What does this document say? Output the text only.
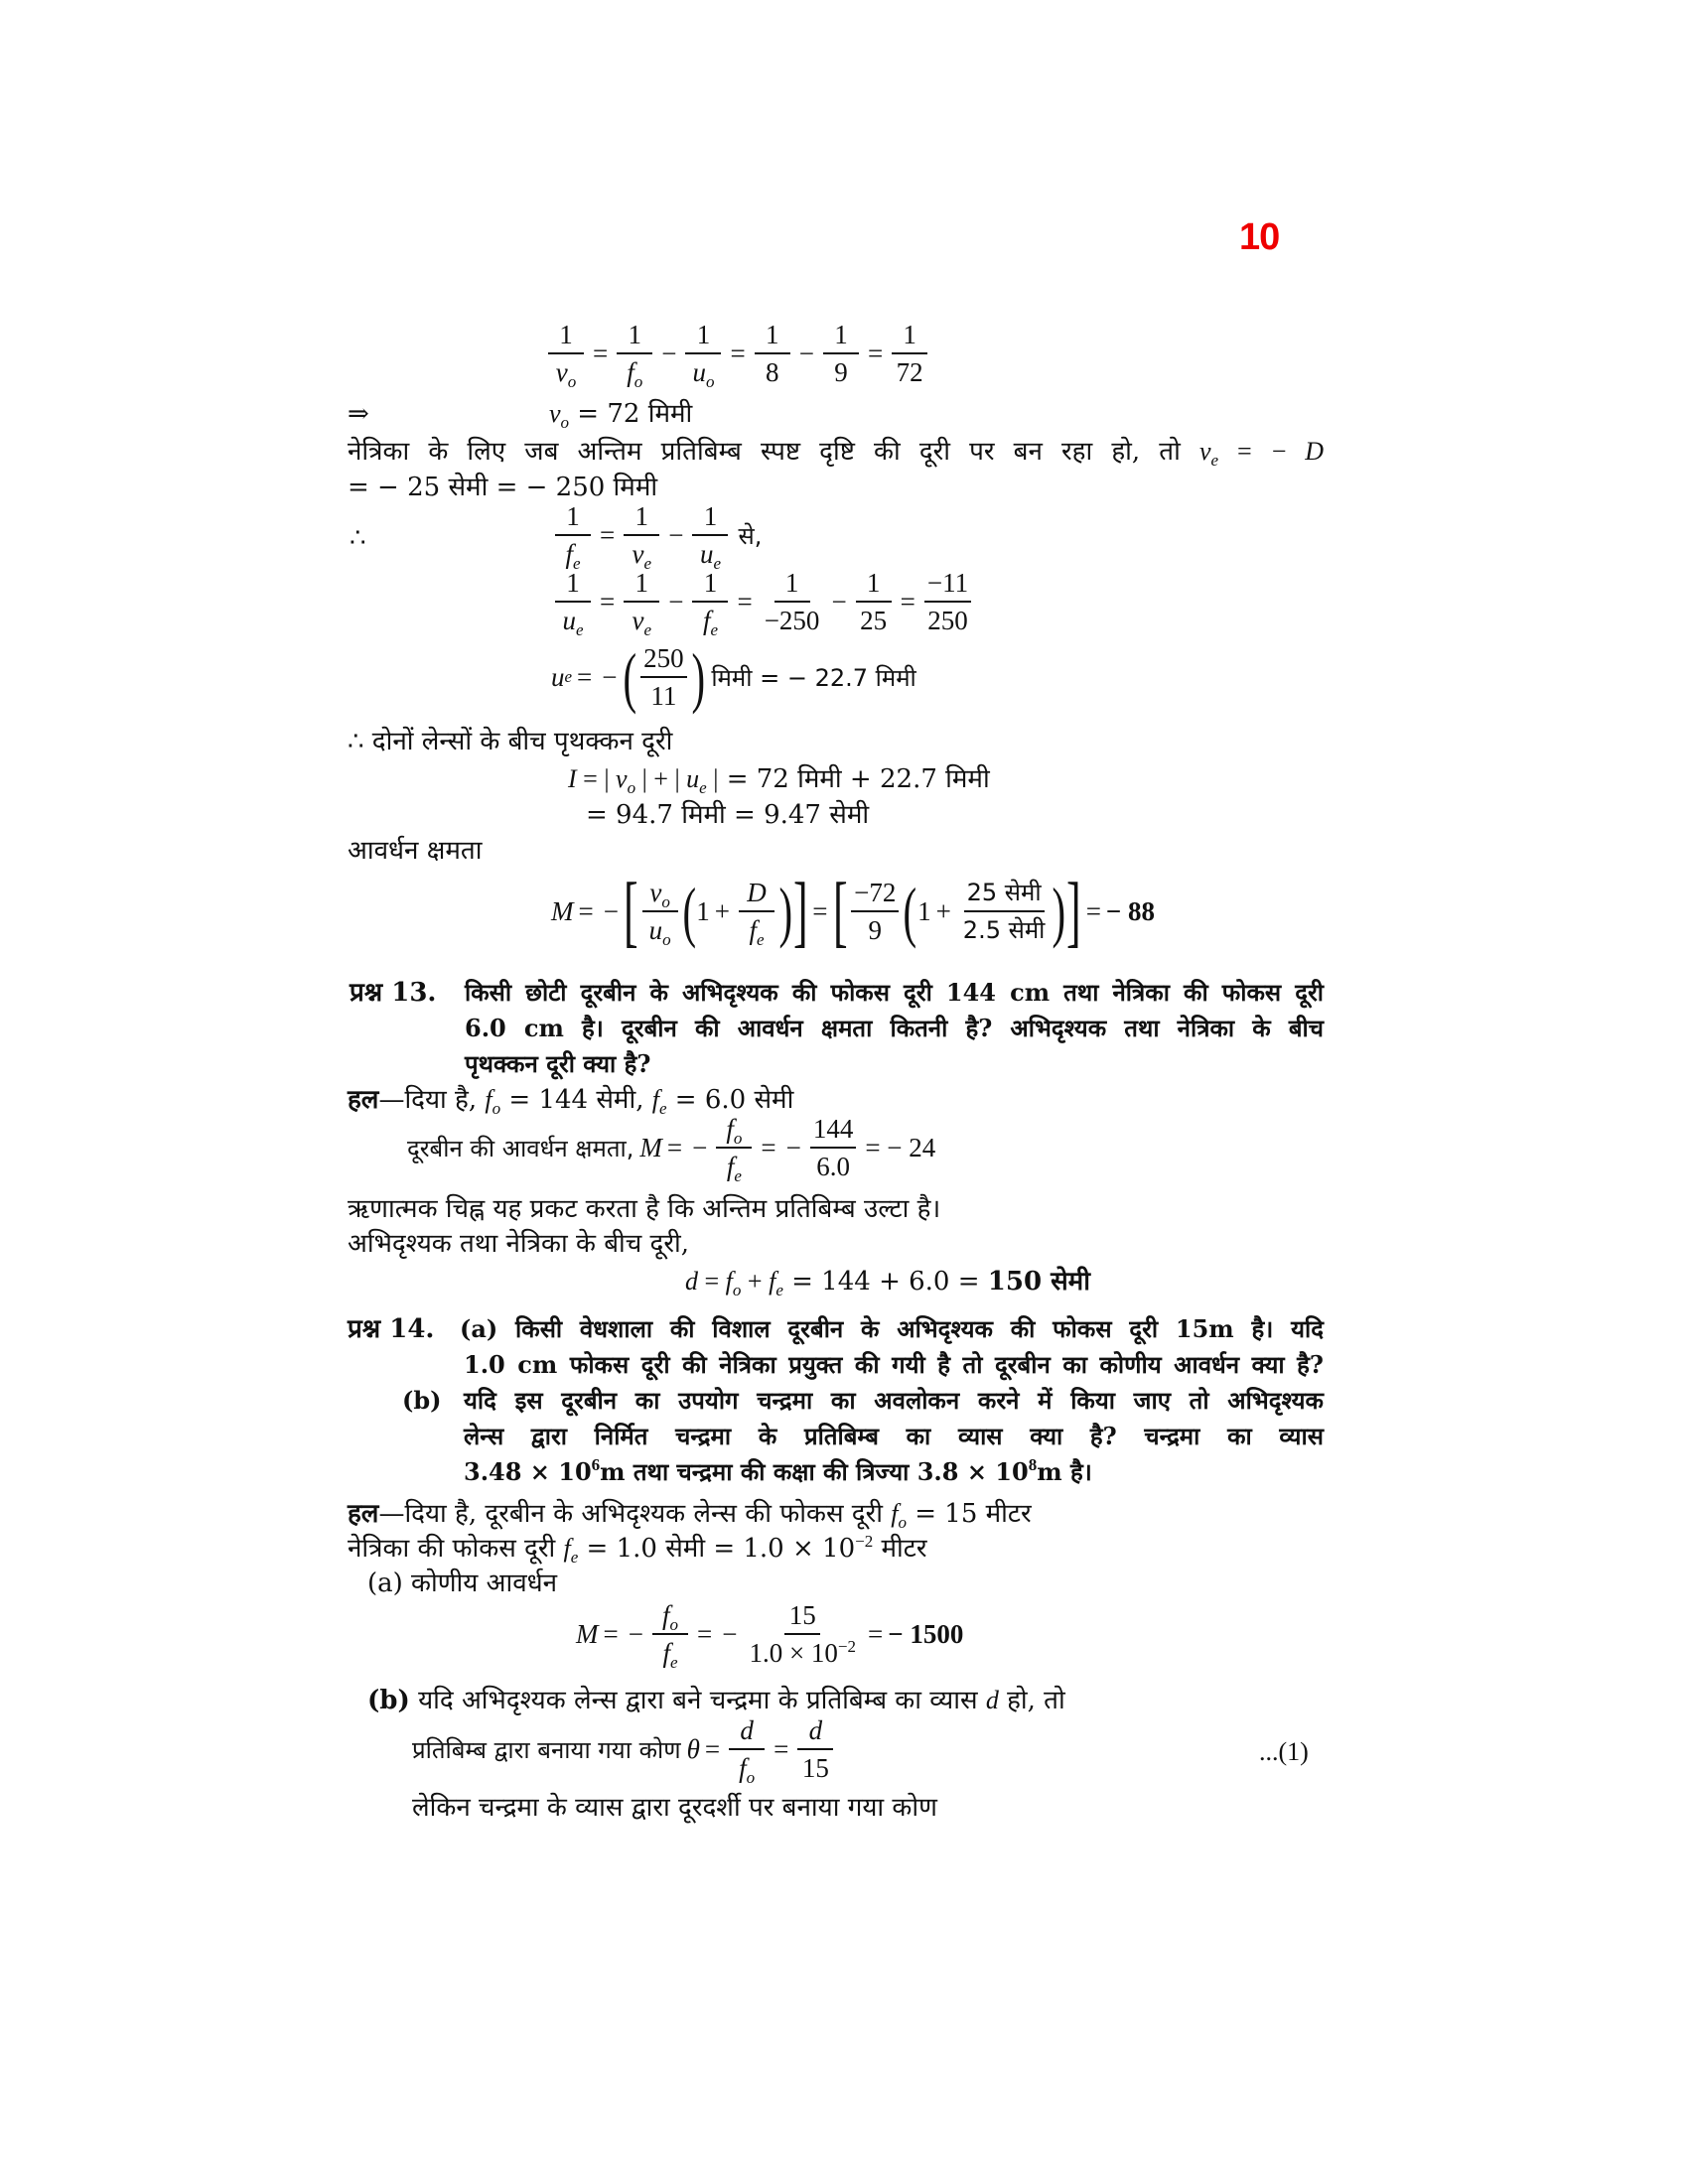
10
$\frac{1}{v_o} = \frac{1}{f_o} - \frac{1}{u_o} = \frac{1}{8} - \frac{1}{9} = \frac{1}{72}$
⇒	$v_o = 72$ मिमी
नेत्रिका के लिए जब अन्तिम प्रतिबिम्ब स्पष्ट दृष्टि की दूरी पर बन रहा हो, तो $v_e$ = − D
= − 25 सेमी = − 250 मिमी
∴	$\frac{1}{f_e} = \frac{1}{v_e} - \frac{1}{u_e}$ से,
$\frac{1}{u_e} = \frac{1}{v_e} - \frac{1}{f_e} = \frac{1}{-250} - \frac{1}{25} = \frac{-11}{250}$
u e = − ( $\frac{250}{11}$ ) मिमी = − 22.7 मिमी
∴ दोनों लेन्सों के बीच पृथक्कन दूरी
I = | $v_o$ | + | $u_e$ | = 72 मिमी + 22.7 मिमी
= 94.7 मिमी = 9.47 सेमी
आवर्धन क्षमता
M = − [ $\frac{v_o}{u_o}$ ( $1 + \frac{D}{f_e}$ ) ] = [ $\frac{-72}{9}$ ( $1 + \frac{\text{25 सेमी}}{\text{2.5 सेमी}}$ ) ] = − 88
प्रश्न 13. किसी छोटी दूरबीन के अभिदृश्यक की फोकस दूरी 144 cm तथा नेत्रिका की फोकस दूरी
6.0 cm है। दूरबीन की आवर्धन क्षमता कितनी है? अभिदृश्यक तथा नेत्रिका के बीच
पृथक्कन दूरी क्या है?
हल—दिया है, $f_o = 144$ सेमी, $f_e = 6.0$ सेमी
दूरबीन की आवर्धन क्षमता, M = − $\frac{f_o}{f_e}$ = − $\frac{144}{6.0}$ = − 24
ऋणात्मक चिह्न यह प्रकट करता है कि अन्तिम प्रतिबिम्ब उल्टा है।
अभिदृश्यक तथा नेत्रिका के बीच दूरी,
$d = f_o + f_e = 144 + 6.0 = 150$ सेमी
प्रश्न 14. (a) किसी वेधशाला की विशाल दूरबीन के अभिदृश्यक की फोकस दूरी 15m है। यदि
1.0 cm फोकस दूरी की नेत्रिका प्रयुक्त की गयी है तो दूरबीन का कोणीय आवर्धन क्या है?
(b) यदि इस दूरबीन का उपयोग चन्द्रमा का अवलोकन करने में किया जाए तो अभिदृश्यक
लेन्स द्वारा निर्मित चन्द्रमा के प्रतिबिम्ब का व्यास क्या है? चन्द्रमा का व्यास
$3.48 \times 10^6m$ तथा चन्द्रमा की कक्षा की त्रिज्या $3.8 \times 10^8m$ है।
हल—दिया है, दूरबीन के अभिदृश्यक लेन्स की फोकस दूरी $f_o = 15$ मीटर
नेत्रिका की फोकस दूरी $f_e = 1.0$ सेमी = $1.0 \times 10^{-2}$ मीटर
(a) कोणीय आवर्धन
M = − $\frac{f_o}{f_e}$ = − $\frac{15}{1.0 \times 10^{-2}}$ = − 1500
(b) यदि अभिदृश्यक लेन्स द्वारा बने चन्द्रमा के प्रतिबिम्ब का व्यास d हो, तो
प्रतिबिम्ब द्वारा बनाया गया कोण $\theta = \frac{d}{f_o} = \frac{d}{15}$	...(1)
लेकिन चन्द्रमा के व्यास द्वारा दूरदर्शी पर बनाया गया कोण
